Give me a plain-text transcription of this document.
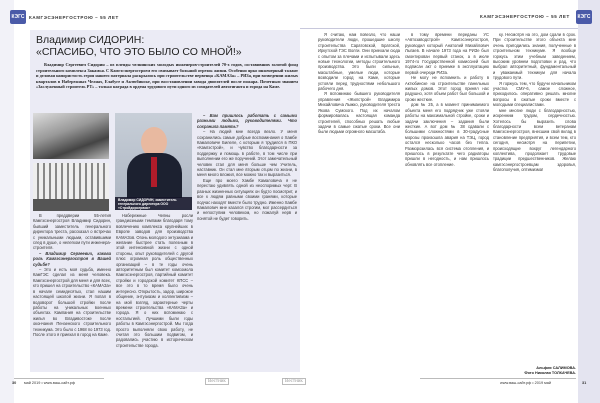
КЭГС КАМГЭСЭНЕРГОСТРОЮ – 55 ЛЕТ	КАМГЭСЭНЕРГОСТРОЮ – 55 ЛЕТ КЭГС
Владимир СИДОРИН:
«СПАСИБО, ЧТО ЭТО БЫЛО СО МНОЙ!»
Владимир Сергеевич Сидорин – из плеяды челнинских молодых инженеров-строителей 70-х годов, составивших золотой фонд строительного комплекса Закамья. С Камгэсэнергостроем его связывает большой отрезок жизни. Особенно ярко инженерный талант и деловая напористость героя нашего материала раскрылись при строительстве первенца «КАМАЗа» – РИЗа, при возведении жилых кварталов в Набережных Челнах, Елабуге и Актюбинске, при восстановлении завода двигателей после пожара. Почетным званием «Заслуженный строитель РТ» – только награда в ордена трудового пути одного из созидателей автогиганта и города на Каме.
Владимир СИДОРИН, заместитель генерального директора ООО «Стройдорсервис»

В преддверии 55-летия Камгэсэнергостроя Владимир Сидорин, бывший заместитель генерального директора треста, рассказал о встречах с уникальными людьми, оставившими след в душе, о нелегком пути инженера-строителя.

– Владимир Сергеевич, какова роль Камгэсэнергостроя в Вашей судьбе?

– Это и есть моя судьба, именно КамГЭС сделал из меня человека. Камгэсэнергострой для меня и для всех, кто пришел на строительство «КАМАЗа» в начале семидесятых, стал нашим настоящей школой жизни. Я попал в водоворот большой стройки после работы на уникальных военных объектах. Кампания на строительстве жилья во Владивостоке после окончания Пензенского строительного техникума. Это было с 1968 по 1973 год. После этого я приехал в город на Каме.

Набережные Челны росли грандиозными темпами благодаря тому вовлечению комплекса крупнейших в Европе заводов для производства КАМАЗов. Огонь молодого энтузиазма и желание быстрее стать полезным в этой интенсивной жизни с одной стороны, опыт руководителей с другой плюс огромная роль общественных организаций – в те годы очень авторитетным был комитет комсомола Камгэсэнергостроя, партийный комитет стройки и городской комитет КПСС – все это в то время было очень интересно. Открытость, задор, широкое общение, энтузиазм и коллективизм – на мой взгляд, характерные черты времени строительства «КАМАЗа» и города. Я о них вспоминаю с ностальгией. Лучшими были годы работы в Камгэсэнергострой. Мы тогда просто выполняли свою работу, не считая это большим подвигом, и радовались участию в историческом строительстве города.

– Вам пришлось работать с самыми разными людьми, руководителями. Что сохранила память?

– На людей мне всегда везло. У меня сохранились самые добрые воспоминания о Хамбе Камаловиче Билеле, с которым я трудился в ПКО «Камгэстрой», и чувство благодарности за поддержку и помощь в работе, в том числе при выполнении его же поручений. Этот замечательный человек стал для меня больше чем Учитель, наставник. Он стал мне вторым отцом по жизни, в меня много вложил, все можно так и выразиться.

Еще про моего Хамбе Камаловича я не перестаю удивлять одной из неоспоримых черт. В разных жизненных ситуациях он будто посмотрит, и все к людям равными своими гранями, которые подчас находят вместе было трудно. Именно Хамбе Камалович мне казался строгим, мог рассердиться и непоступим человеком, но пожалуй нерв и понятой не будет говорить.

Я считаю, нам повезло, что наши руководители люди, прошедшие школу строительства Саратовской, Братской, Иркутской ГЭС Волги. Они приехали сюда с опытом за плечами и испытывали здесь новые технологии, методы строительного производства. Это были сильные, масштабные, умелые люди, которые возводили город на Каме, которые устояли перед трудностями небольшого рабочего дня.

Я вспоминаю бывшего руководителя управления «Жилстрой» Владимира Михайловича Лыжко, руководителя треста Якова Сумского. Под их началом формировалась настоящая команда строителей, способных решать любые задачи в самые сжатые сроки. Все они были людьми огромного масштаба.

в тому времени переданы УС «Автозаводстрой» Камгэсэнергостроя, руководил который Анатолий Михайлович Лыгаев. В начале 1973 года на РИЗе был смонтирован первый станок, а в июле 1974-го Государственной комиссией был подписан акт о приемке в эксплуатацию первой очереди РИЗа.

Не могу не вспомнить и работу в Актюбинске на строительстве панельных жилых домов. Этот город принял нас радушно, хотя объем работ был большой и сроки жесткие.

дом № 25, а в момент принимаемого объекта меня его подрядчик уже стояли работы на максимальной стройке, сроки и задачи заключения – задания были жесткие. А вот дом № 38 сдавали с большими сложностями в 30-градусные морозы произошла авария на ТЭЦ, город остался несколько часов без тепла. Разморозилась вся система отопления, и пришлось в результате чего радиаторы пришли в негодность, и нам пришлось обновлять все отопление.

ку. Несмотря на это, дом сдали в срок. При строительстве этого объекта мне очень пригодились знания, полученные в строительном техникуме. Я вообще горжусь этим учебным заведением, высоким уровнем подготовки и рад, что выбрал авторитетный, фундаментальный и уважаемый техникум для начала трудового пути.

Я горжусь тем, что будучи начальником участка СМУ-6, самое сложное, приходилось оперативно решать многие вопросы в сжатые сроки вместе с молодыми специалистами.

мне многие люди с благодарностью, искренним трудом, сердечностью. Хотелось бы выразить слова благодарности всем ветеранам Камгэсэнергостроя, внесшим свой вклад в становление предприятия, и всем тем, кто сегодня, несмотря на перипетии, происходящие вокруг легендарного коллектива, продолжает трудовые традиции предшественников. Желаю камгэсэнергостроевцам здоровья, благополучия, оптимизма!

Альфия САЛИМОВА.
Фото Николая ТОЛКАЧЕВА.
30 май 2019 • www.ваш-сайт.рф	Вестник	Вестник	www.ваш-сайт.рф • 2019 май	31
